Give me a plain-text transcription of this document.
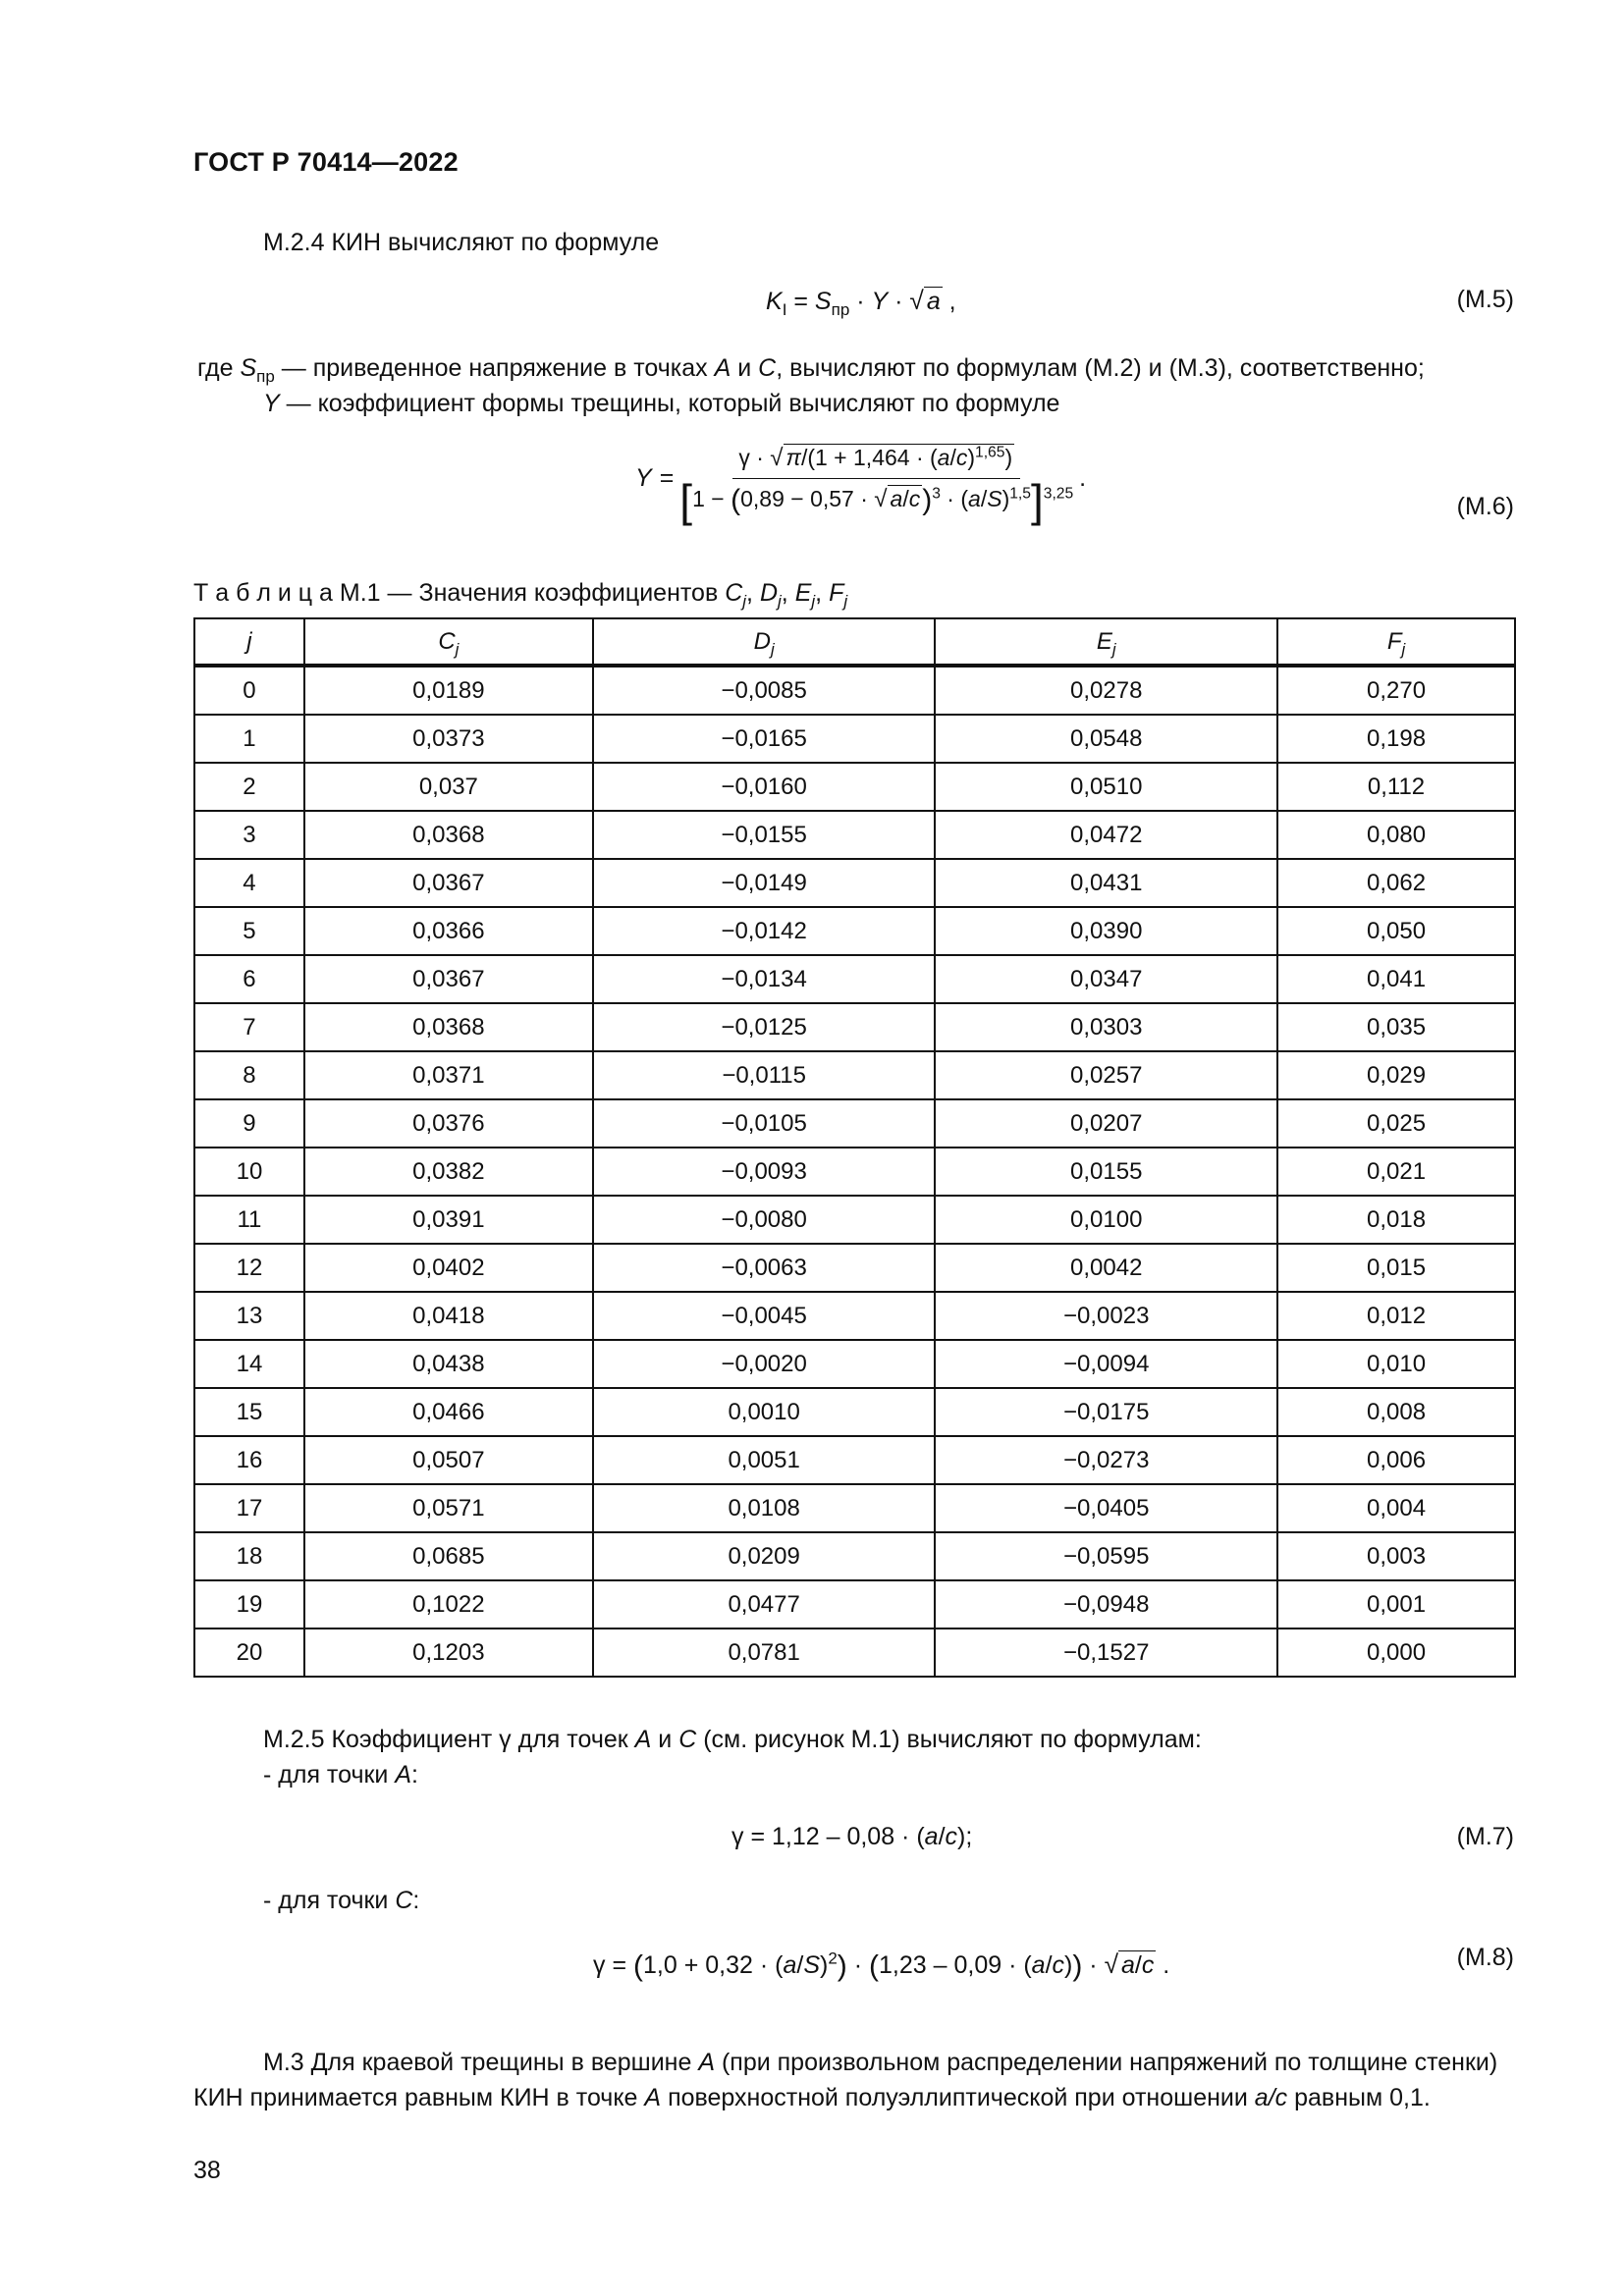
ГОСТ Р 70414—2022
М.2.4 КИН вычисляют по формуле
$K_I = S_{пр} \cdot Y$ · √ a ,	(М.5)
где $S_{пр}$ — приведенное напряжение в точках A и C, вычисляют по формулам (М.2) и (М.3), соответственно;
Y — коэффициент формы трещины, который вычисляют по формуле
$Y = \frac{\gamma \cdot √ \pi/(1 + 1,464 \cdot (a/c)^{1,65})}{[1 - (0,89 - 0,57 \cdot √ a/c)^3 \cdot (a/S)^{1,5}]^{3,25}}$ .
(М.6)
Т а б л и ц а М.1 — Значения коэффициентов $C_j$, $D_j$, $E_j$, $F_j$
j	$C_j$	$D_j$	$E_j$	$F_j$
0	0,0189	−0,0085	0,0278	0,270
1	0,0373	−0,0165	0,0548	0,198
2	0,037	−0,0160	0,0510	0,112
3	0,0368	−0,0155	0,0472	0,080
4	0,0367	−0,0149	0,0431	0,062
5	0,0366	−0,0142	0,0390	0,050
6	0,0367	−0,0134	0,0347	0,041
7	0,0368	−0,0125	0,0303	0,035
8	0,0371	−0,0115	0,0257	0,029
9	0,0376	−0,0105	0,0207	0,025
10	0,0382	−0,0093	0,0155	0,021
11	0,0391	−0,0080	0,0100	0,018
12	0,0402	−0,0063	0,0042	0,015
13	0,0418	−0,0045	−0,0023	0,012
14	0,0438	−0,0020	−0,0094	0,010
15	0,0466	0,0010	−0,0175	0,008
16	0,0507	0,0051	−0,0273	0,006
17	0,0571	0,0108	−0,0405	0,004
18	0,0685	0,0209	−0,0595	0,003
19	0,1022	0,0477	−0,0948	0,001
20	0,1203	0,0781	−0,1527	0,000
М.2.5 Коэффициент γ для точек A и C (см. рисунок М.1) вычисляют по формулам:
- для точки A:
γ = 1,12 – 0,08 · (a/c);	(М.7)
- для точки C:
$\gamma = (1,0 + 0,32 \cdot (a/S)^2) \cdot (1,23 - 0,09 \cdot (a/c))$ · √ a/c .	(М.8)
М.3 Для краевой трещины в вершине A (при произвольном распределении напряжений по толщине стенки)
КИН принимается равным КИН в точке A поверхностной полуэллиптической при отношении a/c равным 0,1.
38
